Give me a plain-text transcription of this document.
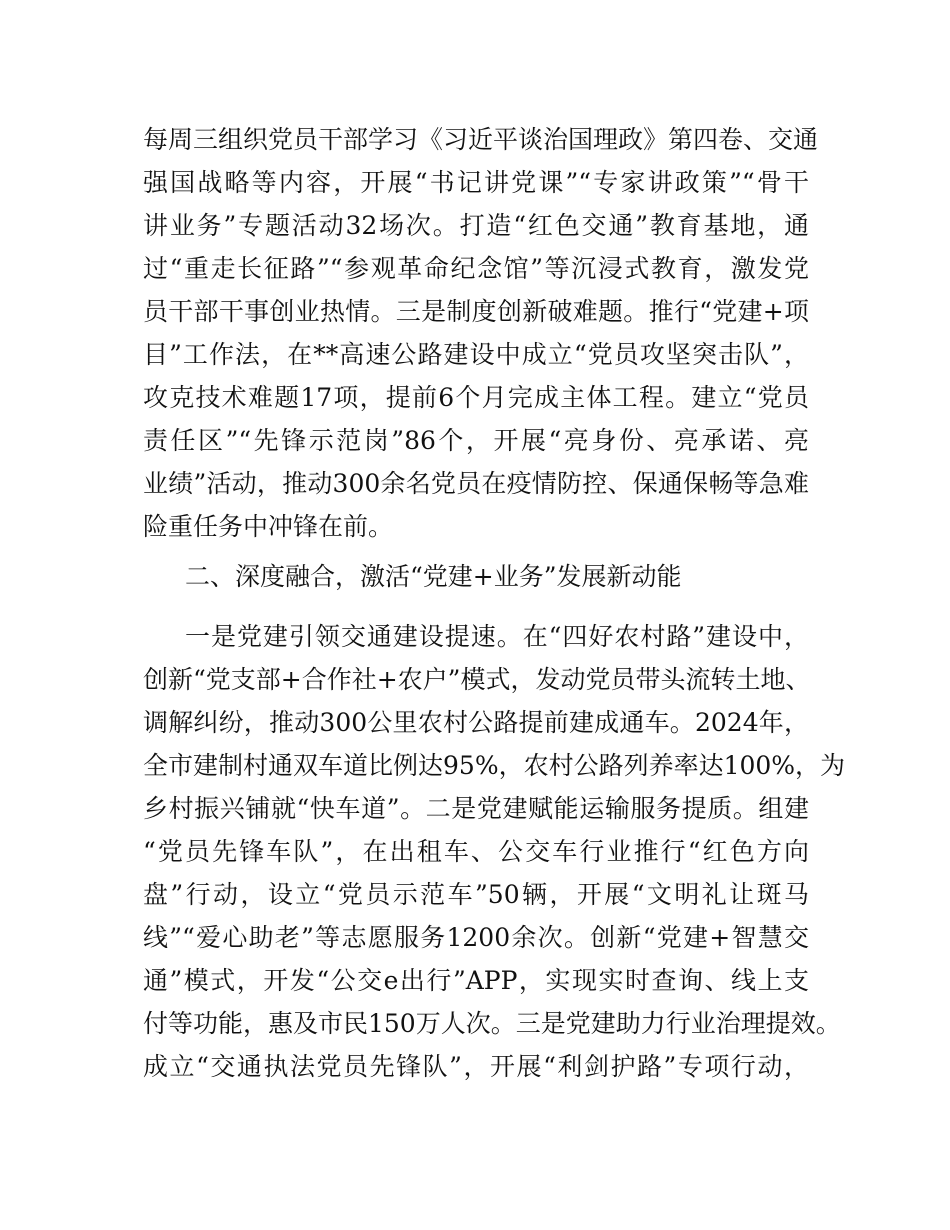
每周三组织党员干部学习《习近平谈治国理政》第四卷、交通
强国战略等内容，开展“书记讲党课”“专家讲政策”“骨干
讲业务”专题活动32场次。打造“红色交通”教育基地，通
过“重走长征路”“参观革命纪念馆”等沉浸式教育，激发党
员干部干事创业热情。三是制度创新破难题。推行“党建+项
目”工作法，在**高速公路建设中成立“党员攻坚突击队”，
攻克技术难题17项，提前6个月完成主体工程。建立“党员
责任区”“先锋示范岗”86个，开展“亮身份、亮承诺、亮
业绩”活动，推动300余名党员在疫情防控、保通保畅等急难
险重任务中冲锋在前。
二、深度融合，激活“党建+业务”发展新动能
一是党建引领交通建设提速。在“四好农村路”建设中，
创新“党支部+合作社+农户”模式，发动党员带头流转土地、
调解纠纷，推动300公里农村公路提前建成通车。2024年，
全市建制村通双车道比例达95%，农村公路列养率达100%，为
乡村振兴铺就“快车道”。二是党建赋能运输服务提质。组建
“党员先锋车队”，在出租车、公交车行业推行“红色方向
盘”行动，设立“党员示范车”50辆，开展“文明礼让斑马
线”“爱心助老”等志愿服务1200余次。创新“党建+智慧交
通”模式，开发“公交e出行”APP，实现实时查询、线上支
付等功能，惠及市民150万人次。三是党建助力行业治理提效。
成立“交通执法党员先锋队”，开展“利剑护路”专项行动，
